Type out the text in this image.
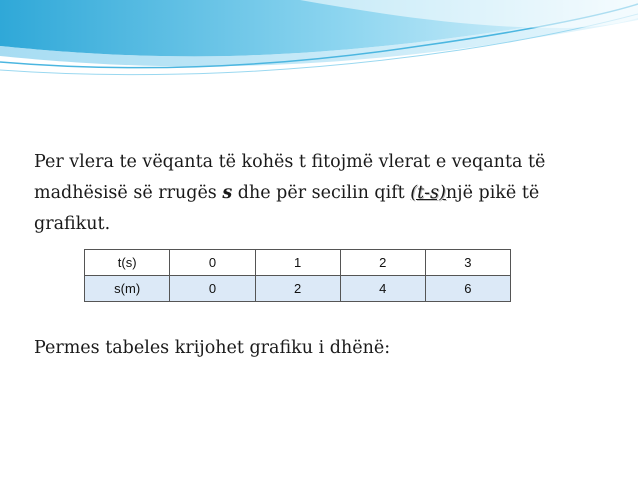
Per vlera te vëqanta të kohës t fitojmë vlerat e veqanta të madhësisë së rrugës s dhe për secilin qift (t-s)një pikë të grafikut.
t(s)	0	1	2	3
s(m)	0	2	4	6
Permes tabeles krijohet grafiku i dhënë:
